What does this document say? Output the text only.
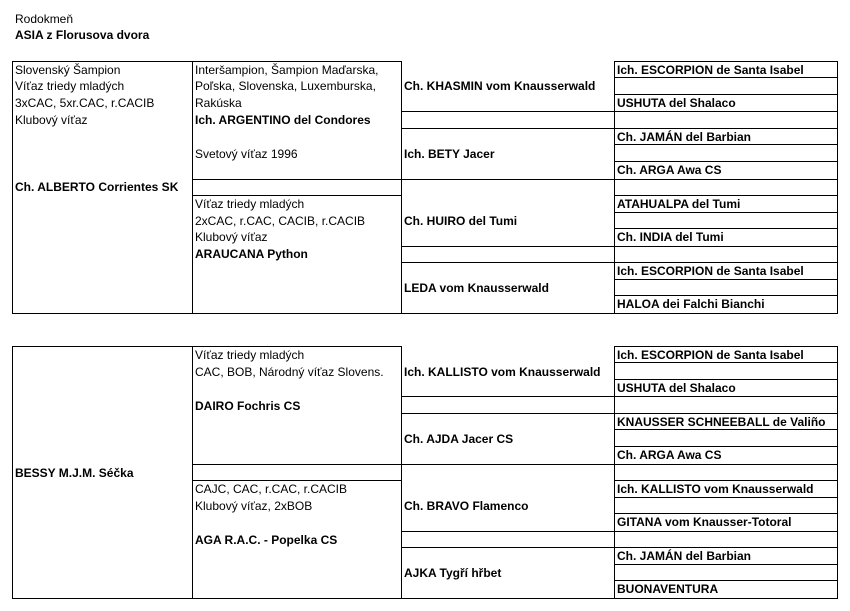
Rodokmeň
ASIA z Florusova dvora
Slovenský Šampion
Víťaz triedy mladých
3xCAC, 5xr.CAC, r.CACIB
Klubový víťaz
Ch. ALBERTO Corrientes SK
Interšampion, Šampion Maďarska,
Poľska, Slovenska, Luxemburska,
Rakúska
Ich. ARGENTINO del Condores
Svetový víťaz 1996
Víťaz triedy mladých
2xCAC, r.CAC, CACIB, r.CACIB
Klubový víťaz
ARAUCANA Python
Ch. KHASMIN vom Knausserwald
Ich. BETY Jacer
Ch. HUIRO del Tumi
LEDA vom Knausserwald
Ich. ESCORPION de Santa Isabel
USHUTA del Shalaco
Ch. JAMÁN del Barbian
Ch. ARGA Awa CS
ATAHUALPA del Tumi
Ch. INDIA del Tumi
Ich. ESCORPION de Santa Isabel
HALOA dei Falchi Bianchi
BESSY M.J.M. Séčka
Víťaz triedy mladých
CAC, BOB, Národný víťaz Slovens.
DAIRO Fochris CS
CAJC, CAC, r.CAC, r.CACIB
Klubový víťaz, 2xBOB
AGA R.A.C. - Popelka CS
Ich. KALLISTO vom Knausserwald
Ch. AJDA Jacer CS
Ch. BRAVO Flamenco
AJKA Tygří hřbet
Ich. ESCORPION de Santa Isabel
USHUTA del Shalaco
KNAUSSER SCHNEEBALL de Valiño
Ch. ARGA Awa CS
Ich. KALLISTO vom Knausserwald
GITANA vom Knausser-Totoral
Ch. JAMÁN del Barbian
BUONAVENTURA
